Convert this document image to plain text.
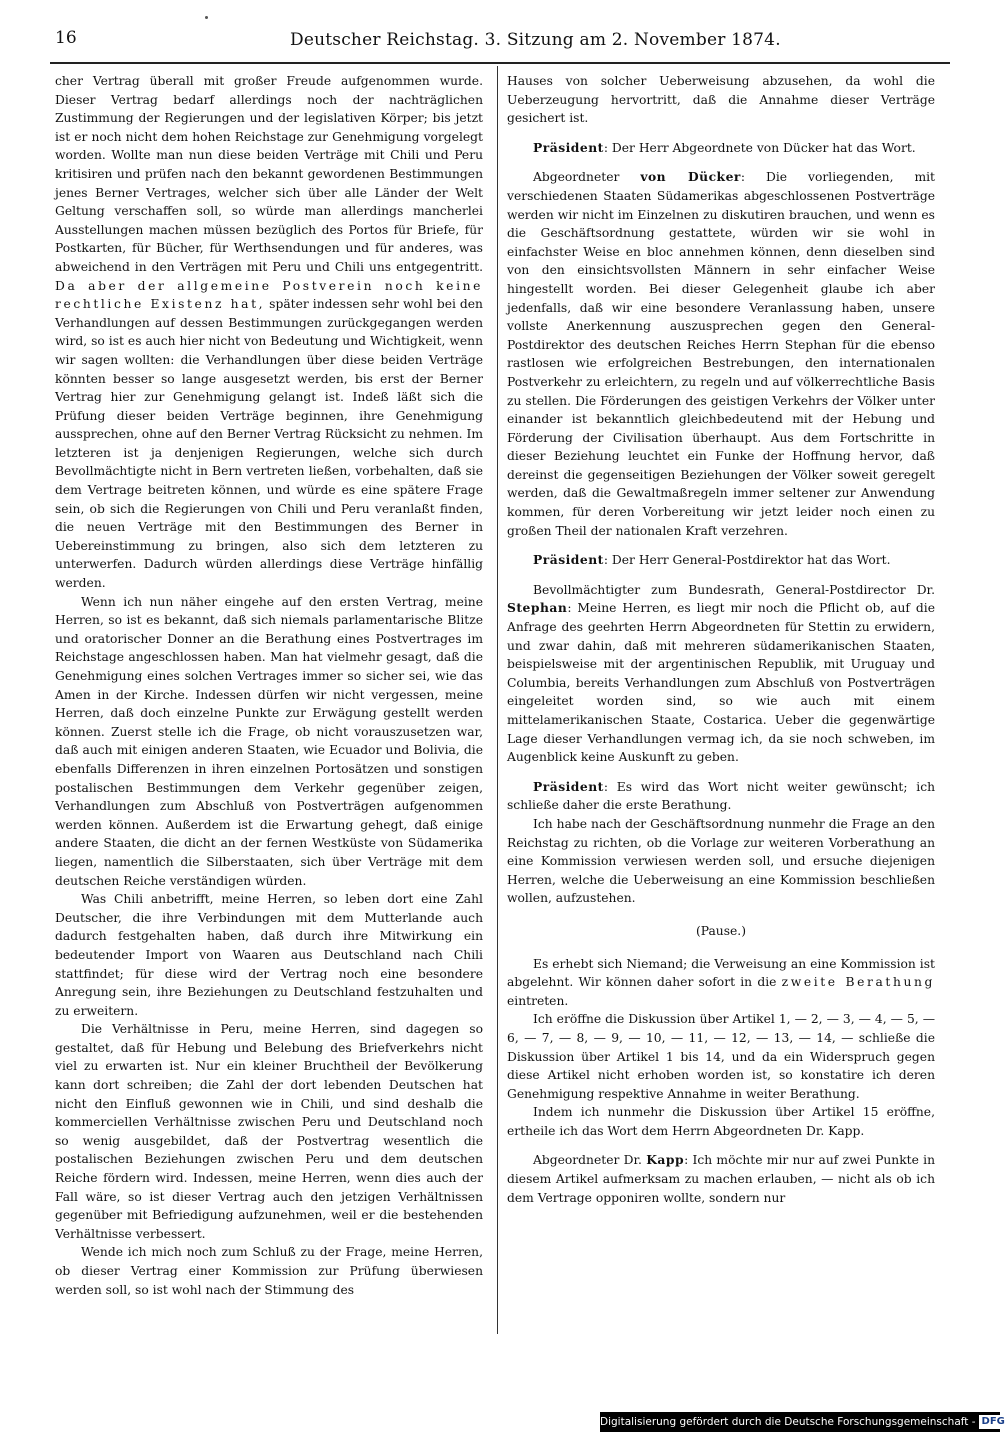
16	Deutscher Reichstag. 3. Sitzung am 2. November 1874.

cher Vertrag überall mit großer Freude aufgenommen wurde. Dieser Vertrag bedarf allerdings noch der nachträglichen Zustimmung der Regierungen und der legislativen Körper; bis jetzt ist er noch nicht dem hohen Reichstage zur Genehmigung vorgelegt worden. Wollte man nun diese beiden Verträge mit Chili und Peru kritisiren und prüfen nach den bekannt gewordenen Bestimmungen jenes Berner Vertrages, welcher sich über alle Länder der Welt Geltung verschaffen soll, so würde man allerdings mancherlei Ausstellungen machen müssen bezüglich des Portos für Briefe, für Postkarten, für Bücher, für Werthsendungen und für anderes, was abweichend in den Verträgen mit Peru und Chili uns entgegentritt. Da aber der allgemeine Postverein noch keine rechtliche Existenz hat, später indessen sehr wohl bei den Verhandlungen auf dessen Bestimmungen zurückgegangen werden wird, so ist es auch hier nicht von Bedeutung und Wichtigkeit, wenn wir sagen wollten: die Verhandlungen über diese beiden Verträge könnten besser so lange ausgesetzt werden, bis erst der Berner Vertrag hier zur Genehmigung gelangt ist. Indeß läßt sich die Prüfung dieser beiden Verträge beginnen, ihre Genehmigung aussprechen, ohne auf den Berner Vertrag Rücksicht zu nehmen. Im letzteren ist ja denjenigen Regierungen, welche sich durch Bevollmächtigte nicht in Bern vertreten ließen, vorbehalten, daß sie dem Vertrage beitreten können, und würde es eine spätere Frage sein, ob sich die Regierungen von Chili und Peru veranlaßt finden, die neuen Verträge mit den Bestimmungen des Berner in Uebereinstimmung zu bringen, also sich dem letzteren zu unterwerfen. Dadurch würden allerdings diese Verträge hinfällig werden.

Wenn ich nun näher eingehe auf den ersten Vertrag, meine Herren, so ist es bekannt, daß sich niemals parlamentarische Blitze und oratorischer Donner an die Berathung eines Postvertrages im Reichstage angeschlossen haben. Man hat vielmehr gesagt, daß die Genehmigung eines solchen Vertrages immer so sicher sei, wie das Amen in der Kirche. Indessen dürfen wir nicht vergessen, meine Herren, daß doch einzelne Punkte zur Erwägung gestellt werden können. Zuerst stelle ich die Frage, ob nicht vorauszusetzen war, daß auch mit einigen anderen Staaten, wie Ecuador und Bolivia, die ebenfalls Differenzen in ihren einzelnen Portosätzen und sonstigen postalischen Bestimmungen dem Verkehr gegenüber zeigen, Verhandlungen zum Abschluß von Postverträgen aufgenommen werden können. Außerdem ist die Erwartung gehegt, daß einige andere Staaten, die dicht an der fernen Westküste von Südamerika liegen, namentlich die Silberstaaten, sich über Verträge mit dem deutschen Reiche verständigen würden.

Was Chili anbetrifft, meine Herren, so leben dort eine Zahl Deutscher, die ihre Verbindungen mit dem Mutterlande auch dadurch festgehalten haben, daß durch ihre Mitwirkung ein bedeutender Import von Waaren aus Deutschland nach Chili stattfindet; für diese wird der Vertrag noch eine besondere Anregung sein, ihre Beziehungen zu Deutschland festzuhalten und zu erweitern.

Die Verhältnisse in Peru, meine Herren, sind dagegen so gestaltet, daß für Hebung und Belebung des Briefverkehrs nicht viel zu erwarten ist. Nur ein kleiner Bruchtheil der Bevölkerung kann dort schreiben; die Zahl der dort lebenden Deutschen hat nicht den Einfluß gewonnen wie in Chili, und sind deshalb die kommerciellen Verhältnisse zwischen Peru und Deutschland noch so wenig ausgebildet, daß der Postvertrag wesentlich die postalischen Beziehungen zwischen Peru und dem deutschen Reiche fördern wird. Indessen, meine Herren, wenn dies auch der Fall wäre, so ist dieser Vertrag auch den jetzigen Verhältnissen gegenüber mit Befriedigung aufzunehmen, weil er die bestehenden Verhältnisse verbessert.

Wende ich mich noch zum Schluß zu der Frage, meine Herren, ob dieser Vertrag einer Kommission zur Prüfung überwiesen werden soll, so ist wohl nach der Stimmung des

Hauses von solcher Ueberweisung abzusehen, da wohl die Ueberzeugung hervortritt, daß die Annahme dieser Verträge gesichert ist.

Präsident: Der Herr Abgeordnete von Dücker hat das Wort.

Abgeordneter von Dücker: Die vorliegenden, mit verschiedenen Staaten Südamerikas abgeschlossenen Postverträge werden wir nicht im Einzelnen zu diskutiren brauchen, und wenn es die Geschäftsordnung gestattete, würden wir sie wohl in einfachster Weise en bloc annehmen können, denn dieselben sind von den einsichtsvollsten Männern in sehr einfacher Weise hingestellt worden. Bei dieser Gelegenheit glaube ich aber jedenfalls, daß wir eine besondere Veranlassung haben, unsere vollste Anerkennung auszusprechen gegen den General-Postdirektor des deutschen Reiches Herrn Stephan für die ebenso rastlosen wie erfolgreichen Bestrebungen, den internationalen Postverkehr zu erleichtern, zu regeln und auf völkerrechtliche Basis zu stellen. Die Förderungen des geistigen Verkehrs der Völker unter einander ist bekanntlich gleichbedeutend mit der Hebung und Förderung der Civilisation überhaupt. Aus dem Fortschritte in dieser Beziehung leuchtet ein Funke der Hoffnung hervor, daß dereinst die gegenseitigen Beziehungen der Völker soweit geregelt werden, daß die Gewaltmaßregeln immer seltener zur Anwendung kommen, für deren Vorbereitung wir jetzt leider noch einen zu großen Theil der nationalen Kraft verzehren.

Präsident: Der Herr General-Postdirektor hat das Wort.

Bevollmächtigter zum Bundesrath, General-Postdirector Dr. Stephan: Meine Herren, es liegt mir noch die Pflicht ob, auf die Anfrage des geehrten Herrn Abgeordneten für Stettin zu erwidern, und zwar dahin, daß mit mehreren südamerikanischen Staaten, beispielsweise mit der argentinischen Republik, mit Uruguay und Columbia, bereits Verhandlungen zum Abschluß von Postverträgen eingeleitet worden sind, so wie auch mit einem mittelamerikanischen Staate, Costarica. Ueber die gegenwärtige Lage dieser Verhandlungen vermag ich, da sie noch schweben, im Augenblick keine Auskunft zu geben.

Präsident: Es wird das Wort nicht weiter gewünscht; ich schließe daher die erste Berathung.

Ich habe nach der Geschäftsordnung nunmehr die Frage an den Reichstag zu richten, ob die Vorlage zur weiteren Vorberathung an eine Kommission verwiesen werden soll, und ersuche diejenigen Herren, welche die Ueberweisung an eine Kommission beschließen wollen, aufzustehen.

(Pause.)

Es erhebt sich Niemand; die Verweisung an eine Kommission ist abgelehnt. Wir können daher sofort in die zweite Berathung eintreten.

Ich eröffne die Diskussion über Artikel 1, — 2, — 3, — 4, — 5, — 6, — 7, — 8, — 9, — 10, — 11, — 12, — 13, — 14, — schließe die Diskussion über Artikel 1 bis 14, und da ein Widerspruch gegen diese Artikel nicht erhoben worden ist, so konstatire ich deren Genehmigung respektive Annahme in weiter Berathung.

Indem ich nunmehr die Diskussion über Artikel 15 eröffne, ertheile ich das Wort dem Herrn Abgeordneten Dr. Kapp.

Abgeordneter Dr. Kapp: Ich möchte mir nur auf zwei Punkte in diesem Artikel aufmerksam zu machen erlauben, — nicht als ob ich dem Vertrage opponiren wollte, sondern nur

Digitalisierung gefördert durch die Deutsche Forschungsgemeinschaft - DFG
